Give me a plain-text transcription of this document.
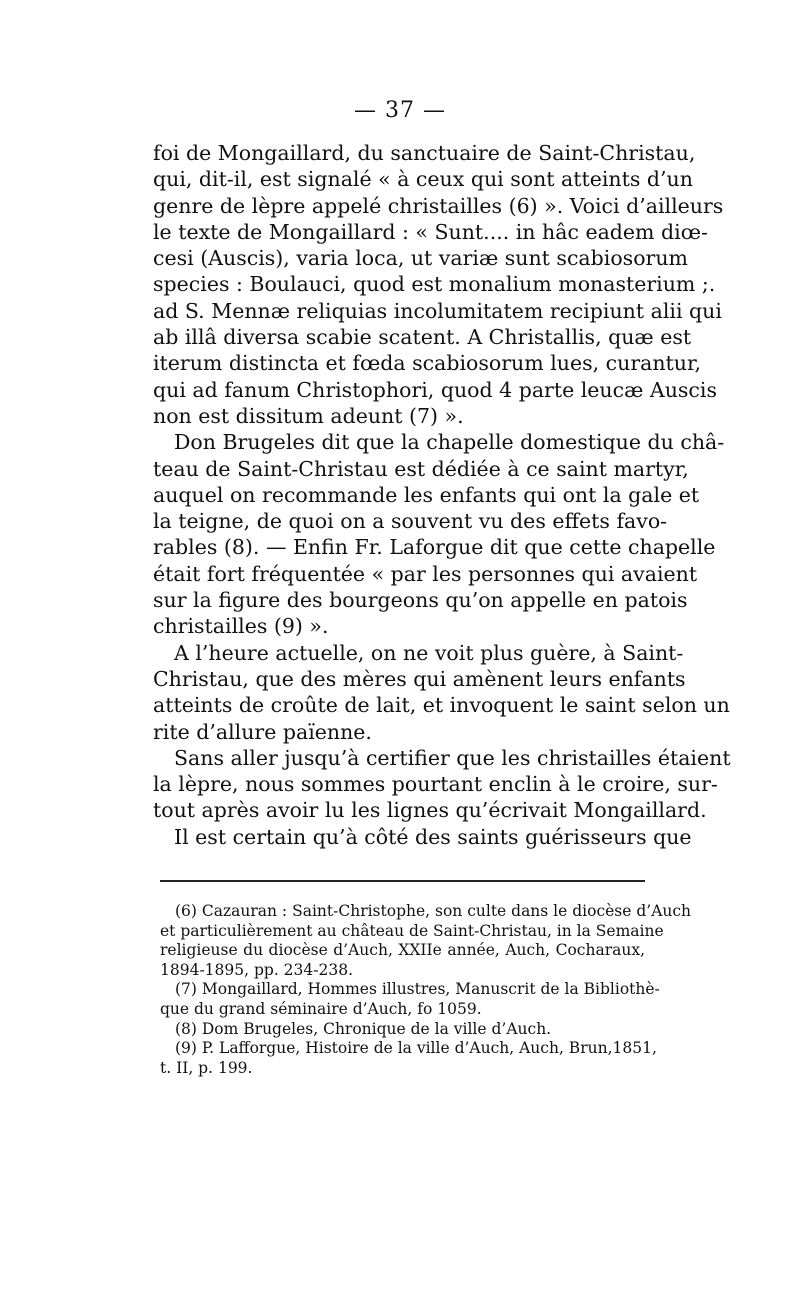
— 37 —
foi de Mongaillard, du sanctuaire de Saint-Christau,
qui, dit-il, est signalé « à ceux qui sont atteints d’un
genre de lèpre appelé christailles (6) ». Voici d’ailleurs
le texte de Mongaillard : « Sunt.... in hâc eadem diœ-
cesi (Auscis), varia loca, ut variæ sunt scabiosorum
species : Boulauci, quod est monalium monasterium ;.
ad S. Mennæ reliquias incolumitatem recipiunt alii qui
ab illâ diversa scabie scatent. A Christallis, quæ est
iterum distincta et fœda scabiosorum lues, curantur,
qui ad fanum Christophori, quod 4 parte leucæ Auscis
non est dissitum adeunt (7) ».
Don Brugeles dit que la chapelle domestique du châ-
teau de Saint-Christau est dédiée à ce saint martyr,
auquel on recommande les enfants qui ont la gale et
la teigne, de quoi on a souvent vu des effets favo-
rables (8). — Enfin Fr. Laforgue dit que cette chapelle
était fort fréquentée « par les personnes qui avaient
sur la figure des bourgeons qu’on appelle en patois
christailles (9) ».
A l’heure actuelle, on ne voit plus guère, à Saint-
Christau, que des mères qui amènent leurs enfants
atteints de croûte de lait, et invoquent le saint selon un
rite d’allure païenne.
Sans aller jusqu’à certifier que les christailles étaient
la lèpre, nous sommes pourtant enclin à le croire, sur-
tout après avoir lu les lignes qu’écrivait Mongaillard.
Il est certain qu’à côté des saints guérisseurs que
(6) Cazauran : Saint-Christophe, son culte dans le diocèse d’Auch
et particulièrement au château de Saint-Christau, in la Semaine
religieuse du diocèse d’Auch, XXIIe année, Auch, Cocharaux,
1894-1895, pp. 234-238.
(7) Mongaillard, Hommes illustres, Manuscrit de la Bibliothè-
que du grand séminaire d’Auch, fo 1059.
(8) Dom Brugeles, Chronique de la ville d’Auch.
(9) P. Lafforgue, Histoire de la ville d’Auch, Auch, Brun,1851,
t. II, p. 199.
